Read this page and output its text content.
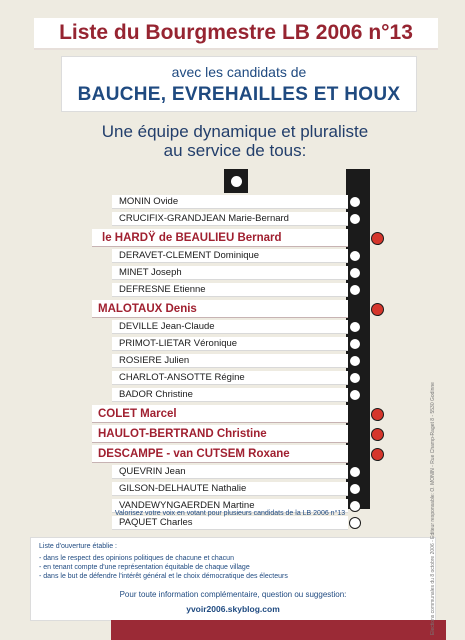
Liste du Bourgmestre LB 2006 n°13
avec les candidats de
BAUCHE, EVREHAILLES ET HOUX
Une équipe dynamique et pluraliste
au service de tous:
MONIN Ovide
CRUCIFIX-GRANDJEAN Marie-Bernard
le HARDŸ de BEAULIEU Bernard
DERAVET-CLEMENT Dominique
MINET Joseph
DEFRESNE Etienne
MALOTAUX Denis
DEVILLE Jean-Claude
PRIMOT-LIETAR Véronique
ROSIERE Julien
CHARLOT-ANSOTTE Régine
BADOR Christine
COLET Marcel
HAULOT-BERTRAND Christine
DESCAMPE - van CUTSEM Roxane
QUEVRIN Jean
GILSON-DELHAUTE Nathalie
VANDEWYNGAERDEN Martine
PAQUET Charles
Valorisez votre voix en votant pour plusieurs candidats de la LB 2006 n°13
Liste d'ouverture établie :
- dans le respect des opinions politiques de chacune et chacun
- en tenant compte d'une représentation équitable de chaque village
- dans le but de défendre l'intérêt général et le choix démocratique des électeurs
Pour toute information complémentaire, question ou suggestion:
yvoir2006.skyblog.com	Elections communales du 8 octobre 2006 - Editeur responsable: O. MONIN - Rue Champ-Raget 8 - 5530 Godinne
